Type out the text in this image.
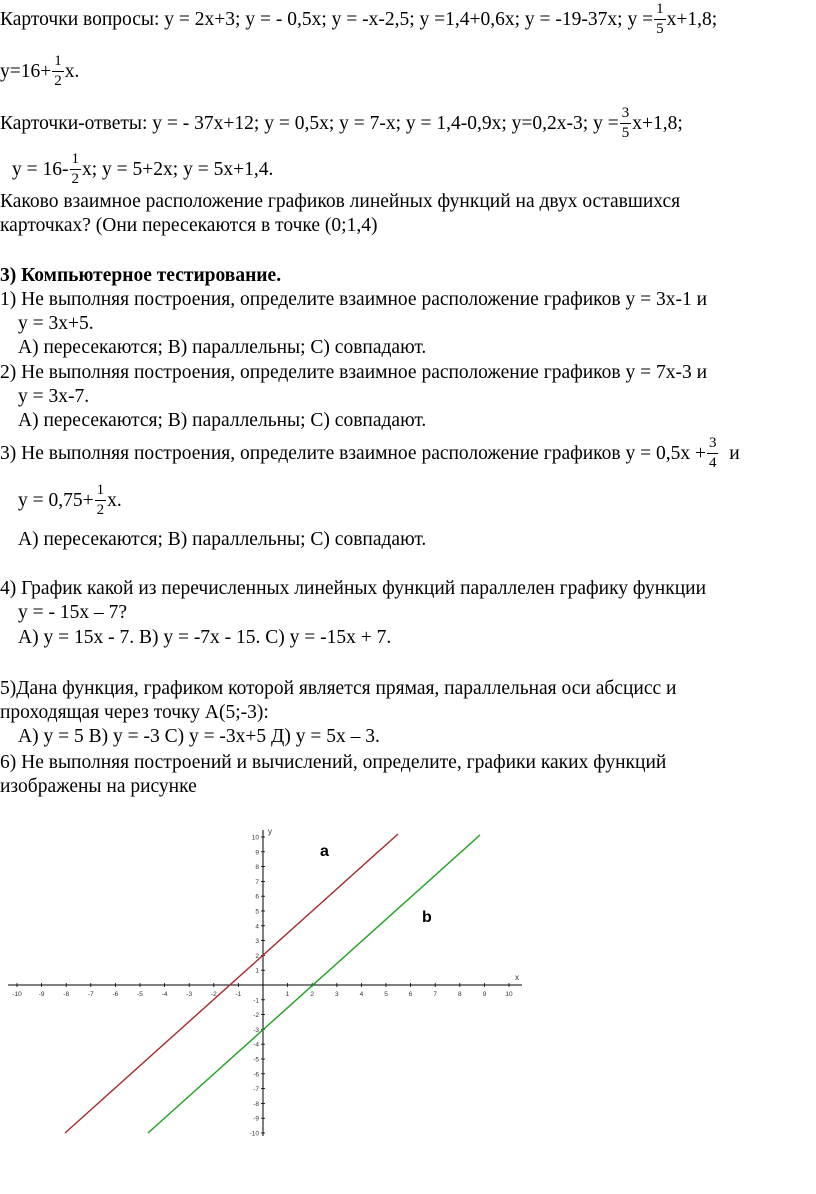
Карточки вопросы: y = 2x+3; y = - 0,5x; y = -x-2,5; y =1,4+0,6x; y = -19-37x; $y = \frac{1}{5} x+1,8$;
$y=16+ \frac{1}{2} x$.
Карточки-ответы: y = - 37x+12; y = 0,5x; y = 7-x; y = 1,4-0,9x; y=0,2x-3; $y = \frac{3}{5} x+1,8$;
$y = 16- \frac{1}{2} x$; y = 5+2x; y = 5x+1,4.
Каково взаимное расположение графиков линейных функций на двух оставшихся
карточках? (Они пересекаются в точке (0;1,4)
3) Компьютерное тестирование.
1) Не выполняя построения, определите взаимное расположение графиков у = 3x-1 и
y = 3x+5.
А) пересекаются; В) параллельны; С) совпадают.
2) Не выполняя построения, определите взаимное расположение графиков у = 7x-3 и
y = 3x-7.
А) пересекаются; В) параллельны; С) совпадают.
3) Не выполняя построения, определите взаимное расположение графиков $y = 0,5х + \frac{3}{4}$ и
$y = 0,75+ \frac{1}{2} x$.
А) пересекаются; В) параллельны; С) совпадают.
4) График какой из перечисленных линейных функций параллелен графику функции
y = - 15x – 7?
А) у = 15x - 7. В) y = -7x - 15. С) y = -15x + 7.
5)Дана функция, графиком которой является прямая, параллельная оси абсцисс и
проходящая через точку А(5;-3):
А) y = 5 В) y = -3 С) y = -3x+5 Д) y = 5x – 3.
6) Не выполняя построений и вычислений, определите, графики каких функций
изображены на рисунке
-10	-9	-8	-7	-6	-5	-4	-3	-2	-1	1	2	3	4	5	6	7	8	9	10
10
9
8
7
6
5
4
3
2
1
-1
-2
-3
-4
-5
-6
-7
-8
-9
-10
x
y
a
b
